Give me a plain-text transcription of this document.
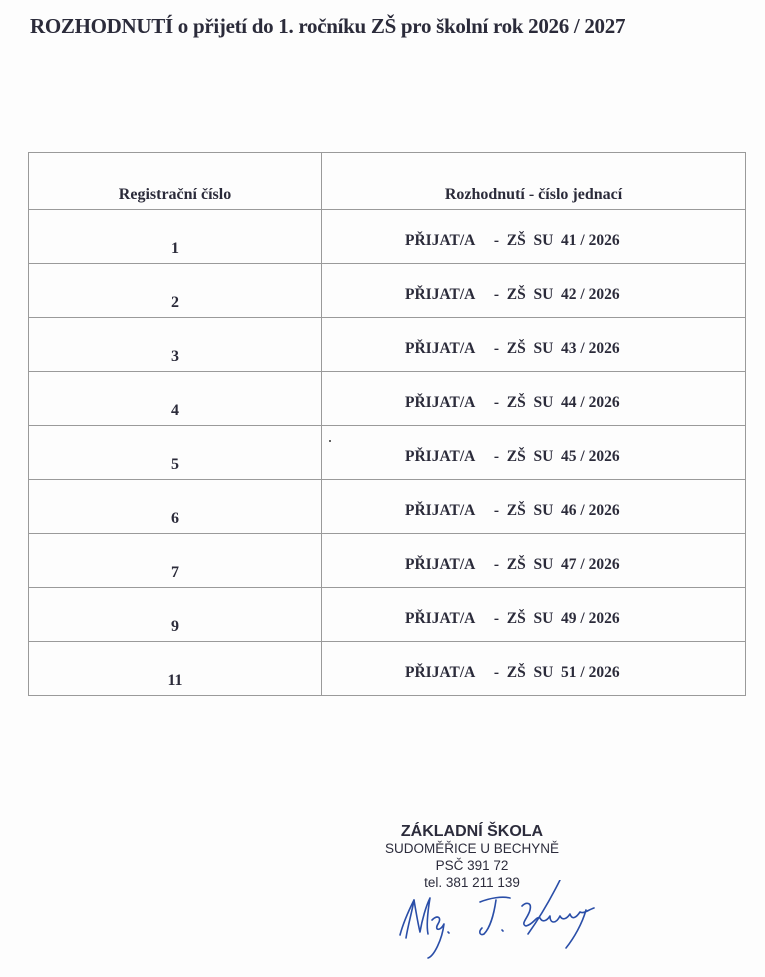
ROZHODNUTÍ o přijetí do 1. ročníku ZŠ pro školní rok 2026 / 2027
Registrační číslo	Rozhodnutí - číslo jednací

1	PŘIJAT/A     -  ZŠ  SU  41 / 2026

2	PŘIJAT/A     -  ZŠ  SU  42 / 2026

3	PŘIJAT/A     -  ZŠ  SU  43 / 2026

4	PŘIJAT/A     -  ZŠ  SU  44 / 2026

5	PŘIJAT/A     -  ZŠ  SU  45 / 2026

6	PŘIJAT/A     -  ZŠ  SU  46 / 2026

7	PŘIJAT/A     -  ZŠ  SU  47 / 2026

9	PŘIJAT/A     -  ZŠ  SU  49 / 2026

11	PŘIJAT/A     -  ZŠ  SU  51 / 2026
ZÁKLADNÍ ŠKOLA
SUDOMĚŘICE U BECHYNĚ
PSČ 391 72
tel. 381 211 139
